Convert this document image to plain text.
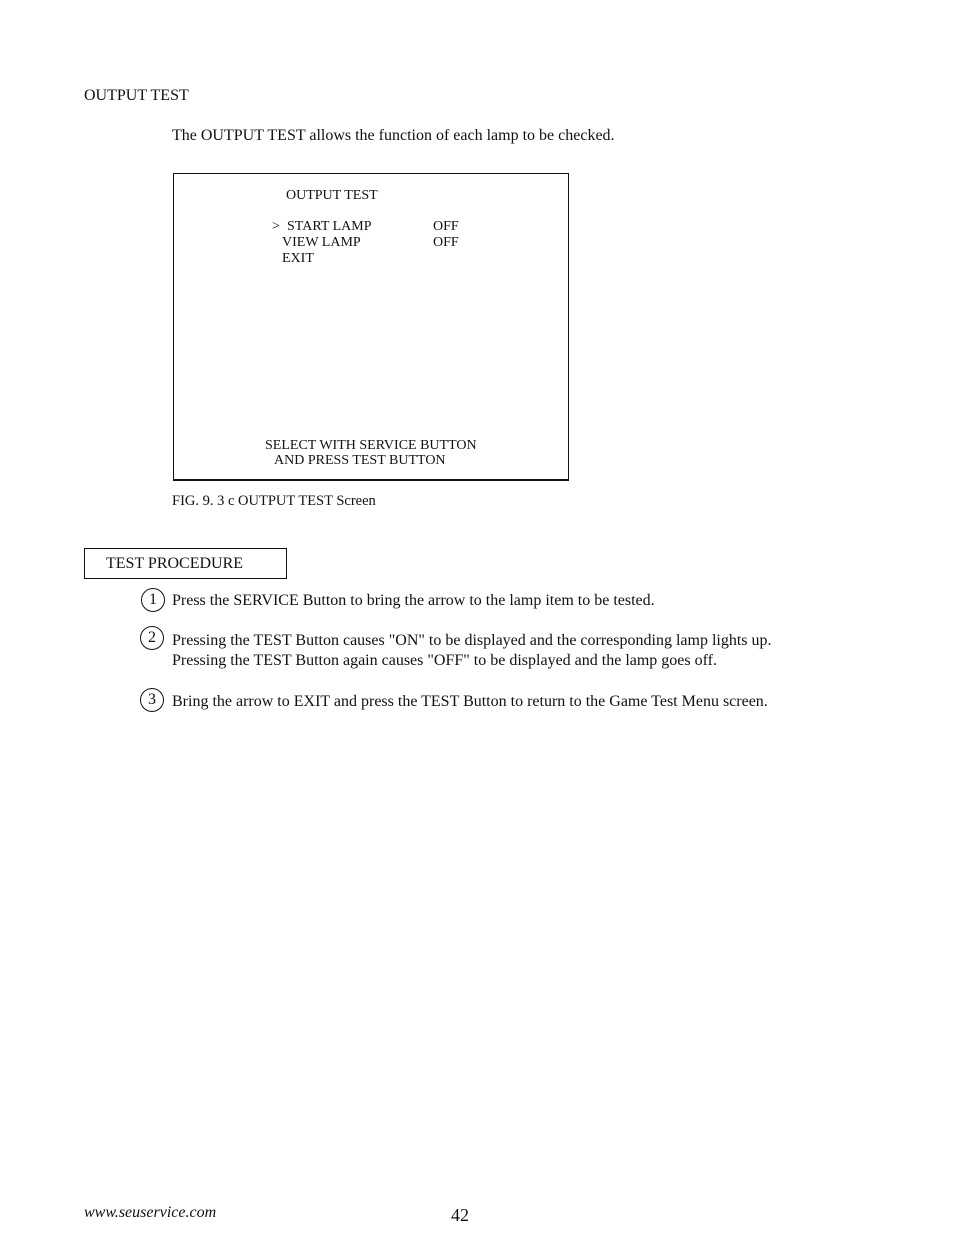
OUTPUT TEST
The OUTPUT TEST allows the function of each lamp to be checked.
OUTPUT TEST
> START LAMP	OFF
VIEW LAMP	OFF
EXIT
SELECT WITH SERVICE BUTTON
AND PRESS TEST BUTTON
FIG. 9. 3 c OUTPUT TEST Screen
TEST PROCEDURE
1 Press the SERVICE Button to bring the arrow to the lamp item to be tested.
2	Pressing the TEST Button causes "ON" to be displayed and the corresponding lamp lights up.
Pressing the TEST Button again causes "OFF" to be displayed and the lamp goes off.
3	Bring the arrow to EXIT and press the TEST Button to return to the Game Test Menu screen.
www.seuservice.com	42
